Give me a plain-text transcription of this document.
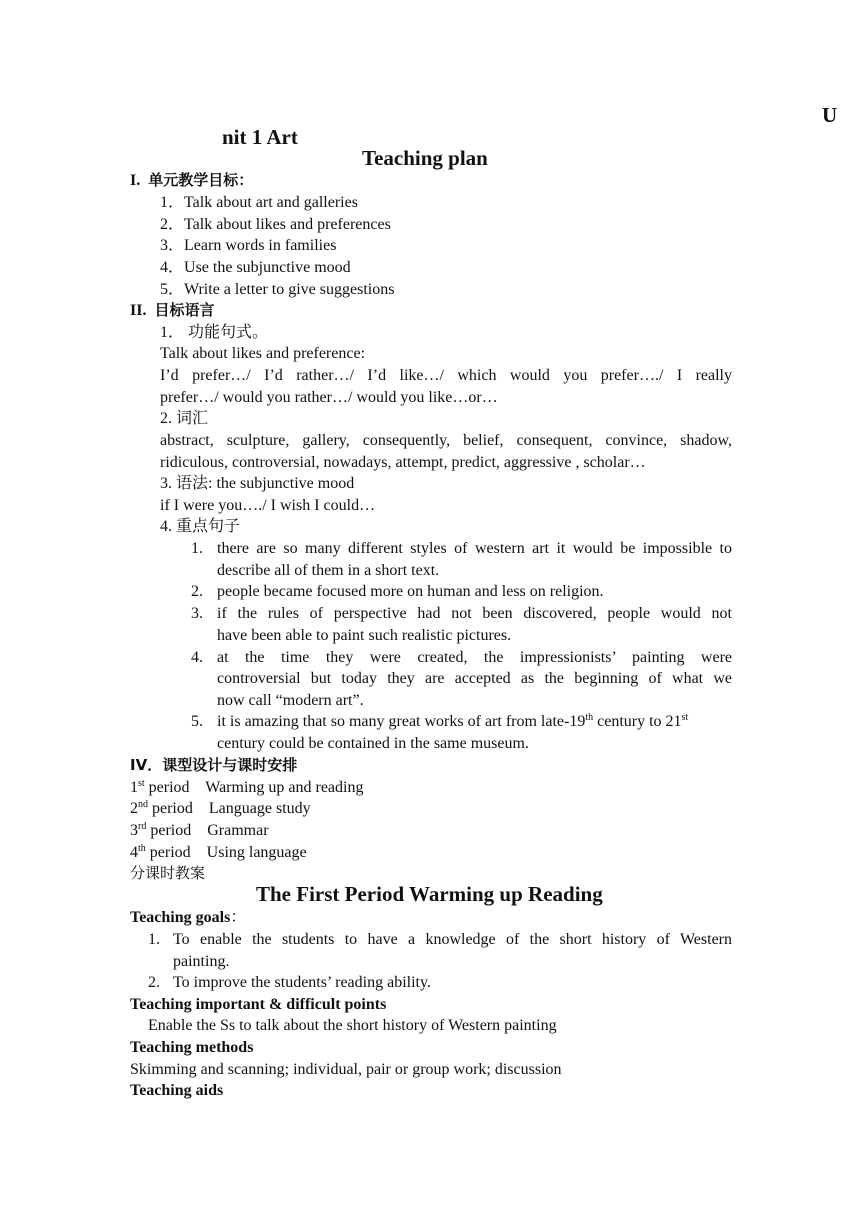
U
nit 1 Art
Teaching plan
I. 单元教学目标：
1．Talk about art and galleries
2．Talk about likes and preferences
3．Learn words in families
4．Use the subjunctive mood
5．Write a letter to give suggestions
II. 目标语言
1． 功能句式。
Talk about likes and preference:
I’d prefer…/ I’d rather…/ I’d like…/ which would you prefer…./ I really
prefer…/ would you rather…/ would you like…or…
2. 词汇
abstract, sculpture, gallery, consequently, belief, consequent, convince, shadow,
ridiculous, controversial, nowadays, attempt, predict, aggressive , scholar…
3. 语法: the subjunctive mood
if I were you…./ I wish I could…
4. 重点句子
1. there are so many different styles of western art it would be impossible to
describe all of them in a short text.
2. people became focused more on human and less on religion.
3. if the rules of perspective had not been discovered, people would not
have been able to paint such realistic pictures.
4. at the time they were created, the impressionists’ painting were
controversial but today they are accepted as the beginning of what we
now call “modern art”.
5. it is amazing that so many great works of art from late-19th century to 21st
century could be contained in the same museum.
IV．课型设计与课时安排
1st period    Warming up and reading
2nd period    Language study
3rd period    Grammar
4th period    Using language
分课时教案
The First Period Warming up Reading
Teaching goals：
1. To enable the students to have a knowledge of the short history of Western
painting.
2. To improve the students’ reading ability.
Teaching important & difficult points
Enable the Ss to talk about the short history of Western painting
Teaching methods
Skimming and scanning; individual, pair or group work; discussion
Teaching aids
